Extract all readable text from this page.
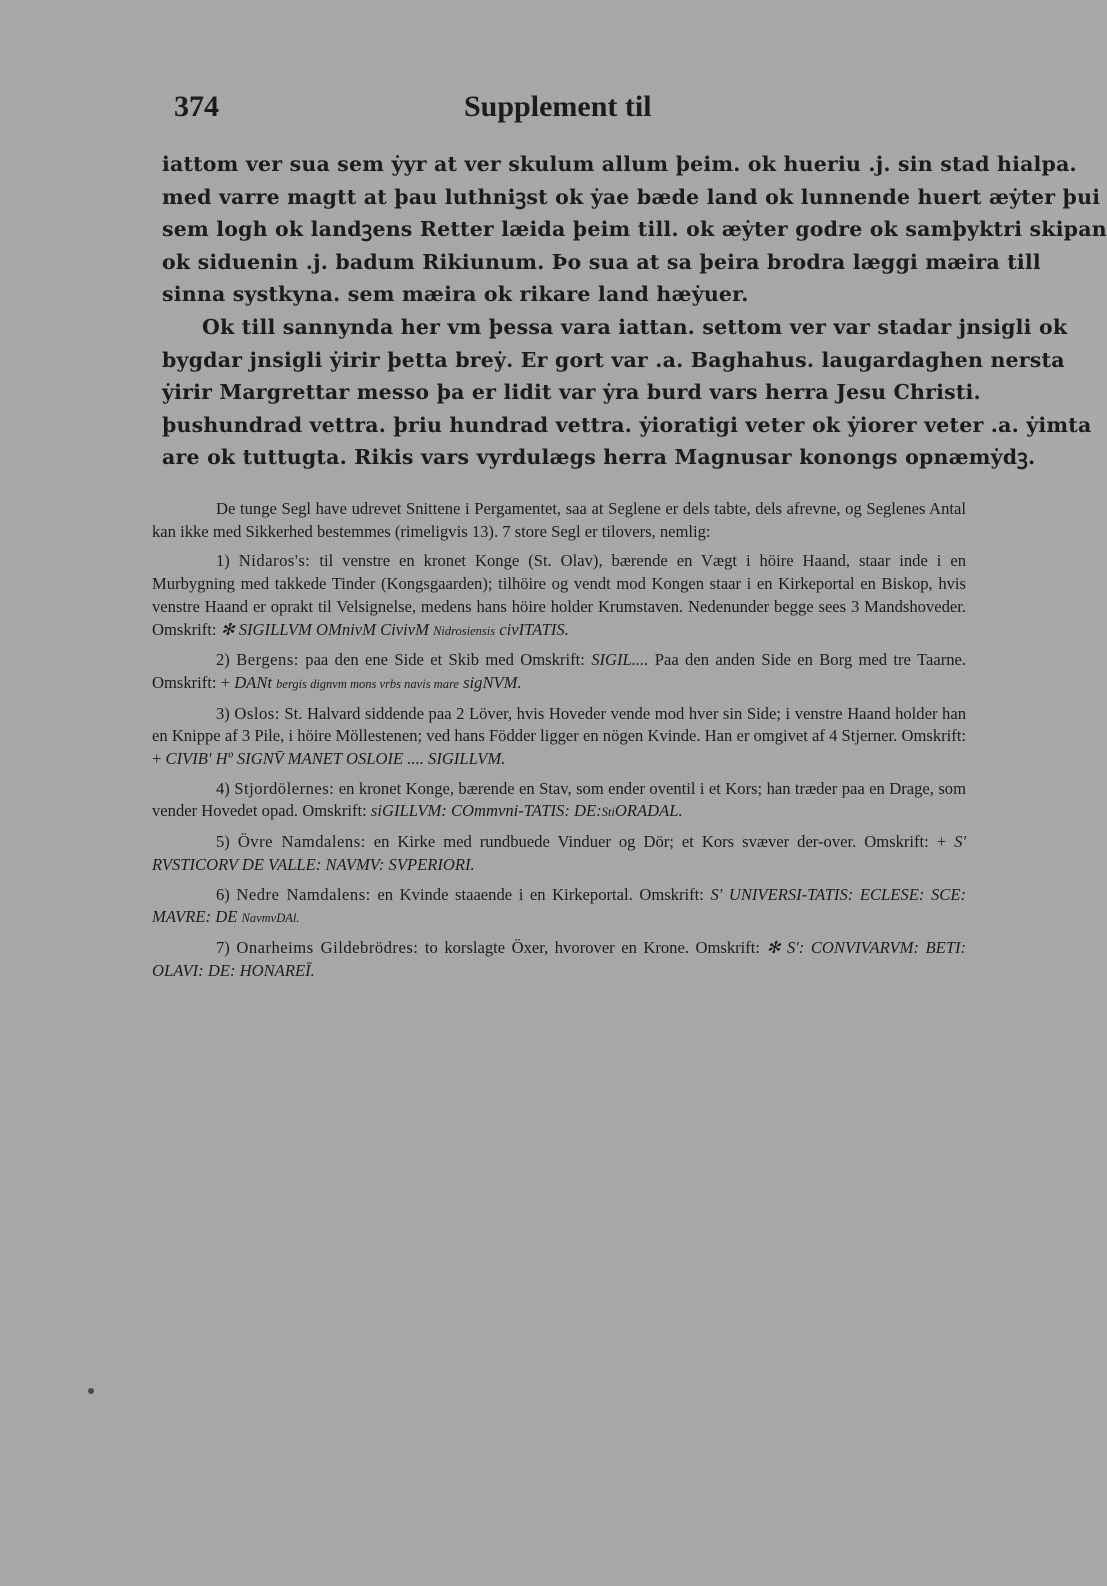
374	Supplement til
iattom ver sua sem ẏyr at ver skulum allum þeim. ok hueriu .j. sin stad hialpa.
med varre magtt at þau luthniꝫst ok ẏae bæde land ok lunnende huert æẏter þui
sem logh ok landꝫens Retter læida þeim till. ok æẏter godre ok samþyktri skipan
ok siduenin .j. badum Rikiunum. Þo sua at sa þeira brodra læggi mæira till
sinna systkyna. sem mæira ok rikare land hæẏuer.
Ok till sannynda her vm þessa vara iattan. settom ver var stadar jnsigli ok
bygdar jnsigli ẏirir þetta breẏ. Er gort var .a. Baghahus. laugardaghen nersta
ẏirir Margrettar messo þa er lidit var ẏra burd vars herra Jesu Christi.
þushundrad vettra. þriu hundrad vettra. ẏioratigi veter ok ẏiorer veter .a. ẏimta
are ok tuttugta. Rikis vars vyrdulægs herra Magnusar konongs opnæmẏdꝫ.

De tunge Segl have udrevet Snittene i Pergamentet, saa at Seglene er dels tabte, dels afrevne, og Seglenes Antal kan ikke med Sikkerhed bestemmes (rimeligvis 13). 7 store Segl er tilovers, nemlig:

1) Nidaros's: til venstre en kronet Konge (St. Olav), bærende en Vægt i höire Haand, staar inde i en Murbygning med takkede Tinder (Kongsgaarden); tilhöire og vendt mod Kongen staar i en Kirkeportal en Biskop, hvis venstre Haand er oprakt til Velsignelse, medens hans höire holder Krumstaven. Nedenunder begge sees 3 Mandshoveder. Omskrift: ✻ SIGILLVM OMnivM CivivM Nidrosiensis civITATIS.

2) Bergens: paa den ene Side et Skib med Omskrift: SIGIL.... Paa den anden Side en Borg med tre Taarne. Omskrift: + DANt bergis dignvm mons vrbs navis mare sigNVM.

3) Oslos: St. Halvard siddende paa 2 Löver, hvis Hoveder vende mod hver sin Side; i venstre Haand holder han en Knippe af 3 Pile, i höire Möllestenen; ved hans Födder ligger en nögen Kvinde. Han er omgivet af 4 Stjerner. Omskrift: + CIVIB' Hº SIGNV̄ MANET OSLOIE .... SIGILLVM.

4) Stjordölernes: en kronet Konge, bærende en Stav, som ender oventil i et Kors; han træder paa en Drage, som vender Hovedet opad. Omskrift: siGILLVM: COmmvni-TATIS: DE:StiORADAL.

5) Övre Namdalens: en Kirke med rundbuede Vinduer og Dör; et Kors svæver der-over. Omskrift: + S' RVSTICORV DE VALLE: NAVMV: SVPERIORI.

6) Nedre Namdalens: en Kvinde staaende i en Kirkeportal. Omskrift: S' UNIVERSI-TATIS: ECLESE: SCE: MAVRE: DE NavmvDAl.

7) Onarheims Gildebrödres: to korslagte Öxer, hvorover en Krone. Omskrift: ✻ S': CONVIVARVM: BETI: OLAVI: DE: HONAREĪ.
